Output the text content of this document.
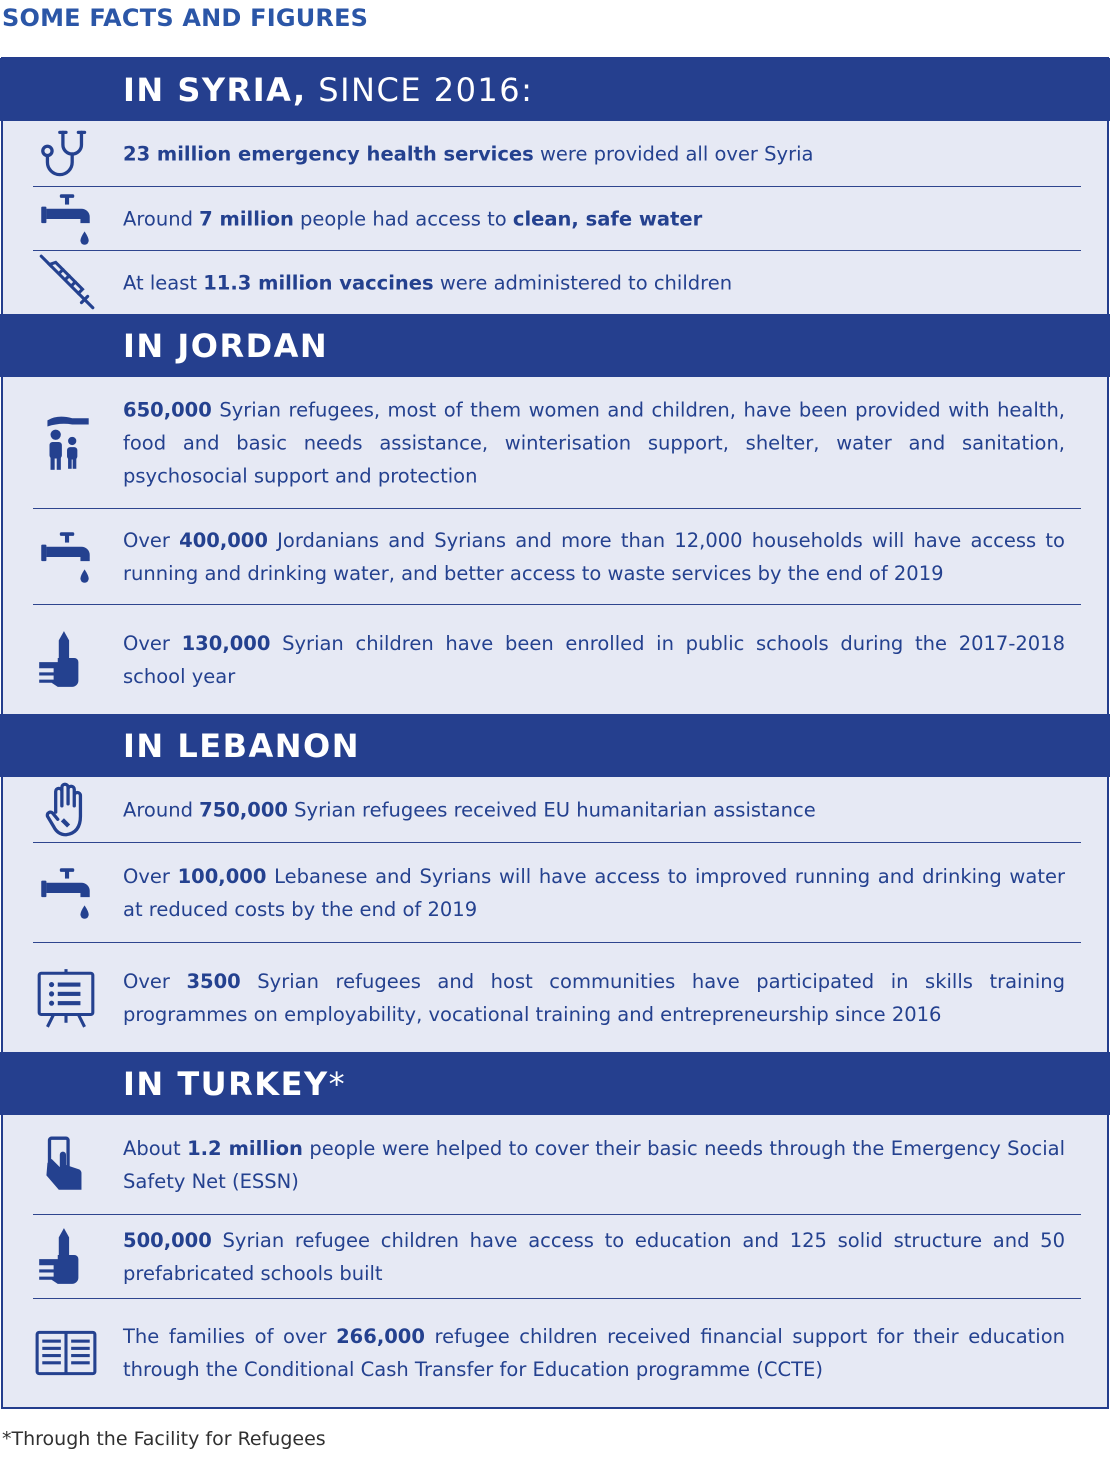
SOME FACTS AND FIGURES
IN SYRIA, SINCE 2016:
23 million emergency health services were provided all over Syria
Around 7 million people had access to clean, safe water
At least 11.3 million vaccines were administered to children
IN JORDAN
650,000 Syrian refugees, most of them women and children, have been provided with health, food and basic needs assistance, winterisation support, shelter, water and sanitation, psychosocial support and protection
Over 400,000 Jordanians and Syrians and more than 12,000 households will have access to running and drinking water, and better access to waste services by the end of 2019
Over 130,000 Syrian children have been enrolled in public schools during the 2017-2018 school year
IN LEBANON
Around 750,000 Syrian refugees received EU humanitarian assistance
Over 100,000 Lebanese and Syrians will have access to improved running and drinking water at reduced costs by the end of 2019
Over 3500 Syrian refugees and host communities have participated in skills training programmes on employability, vocational training and entrepreneurship since 2016
IN TURKEY*
About 1.2 million people were helped to cover their basic needs through the Emergency Social Safety Net (ESSN)
500,000 Syrian refugee children have access to education and 125 solid structure and 50 prefabricated schools built
The families of over 266,000 refugee children received financial support for their education through the Conditional Cash Transfer for Education programme (CCTE)

*Through the Facility for Refugees
